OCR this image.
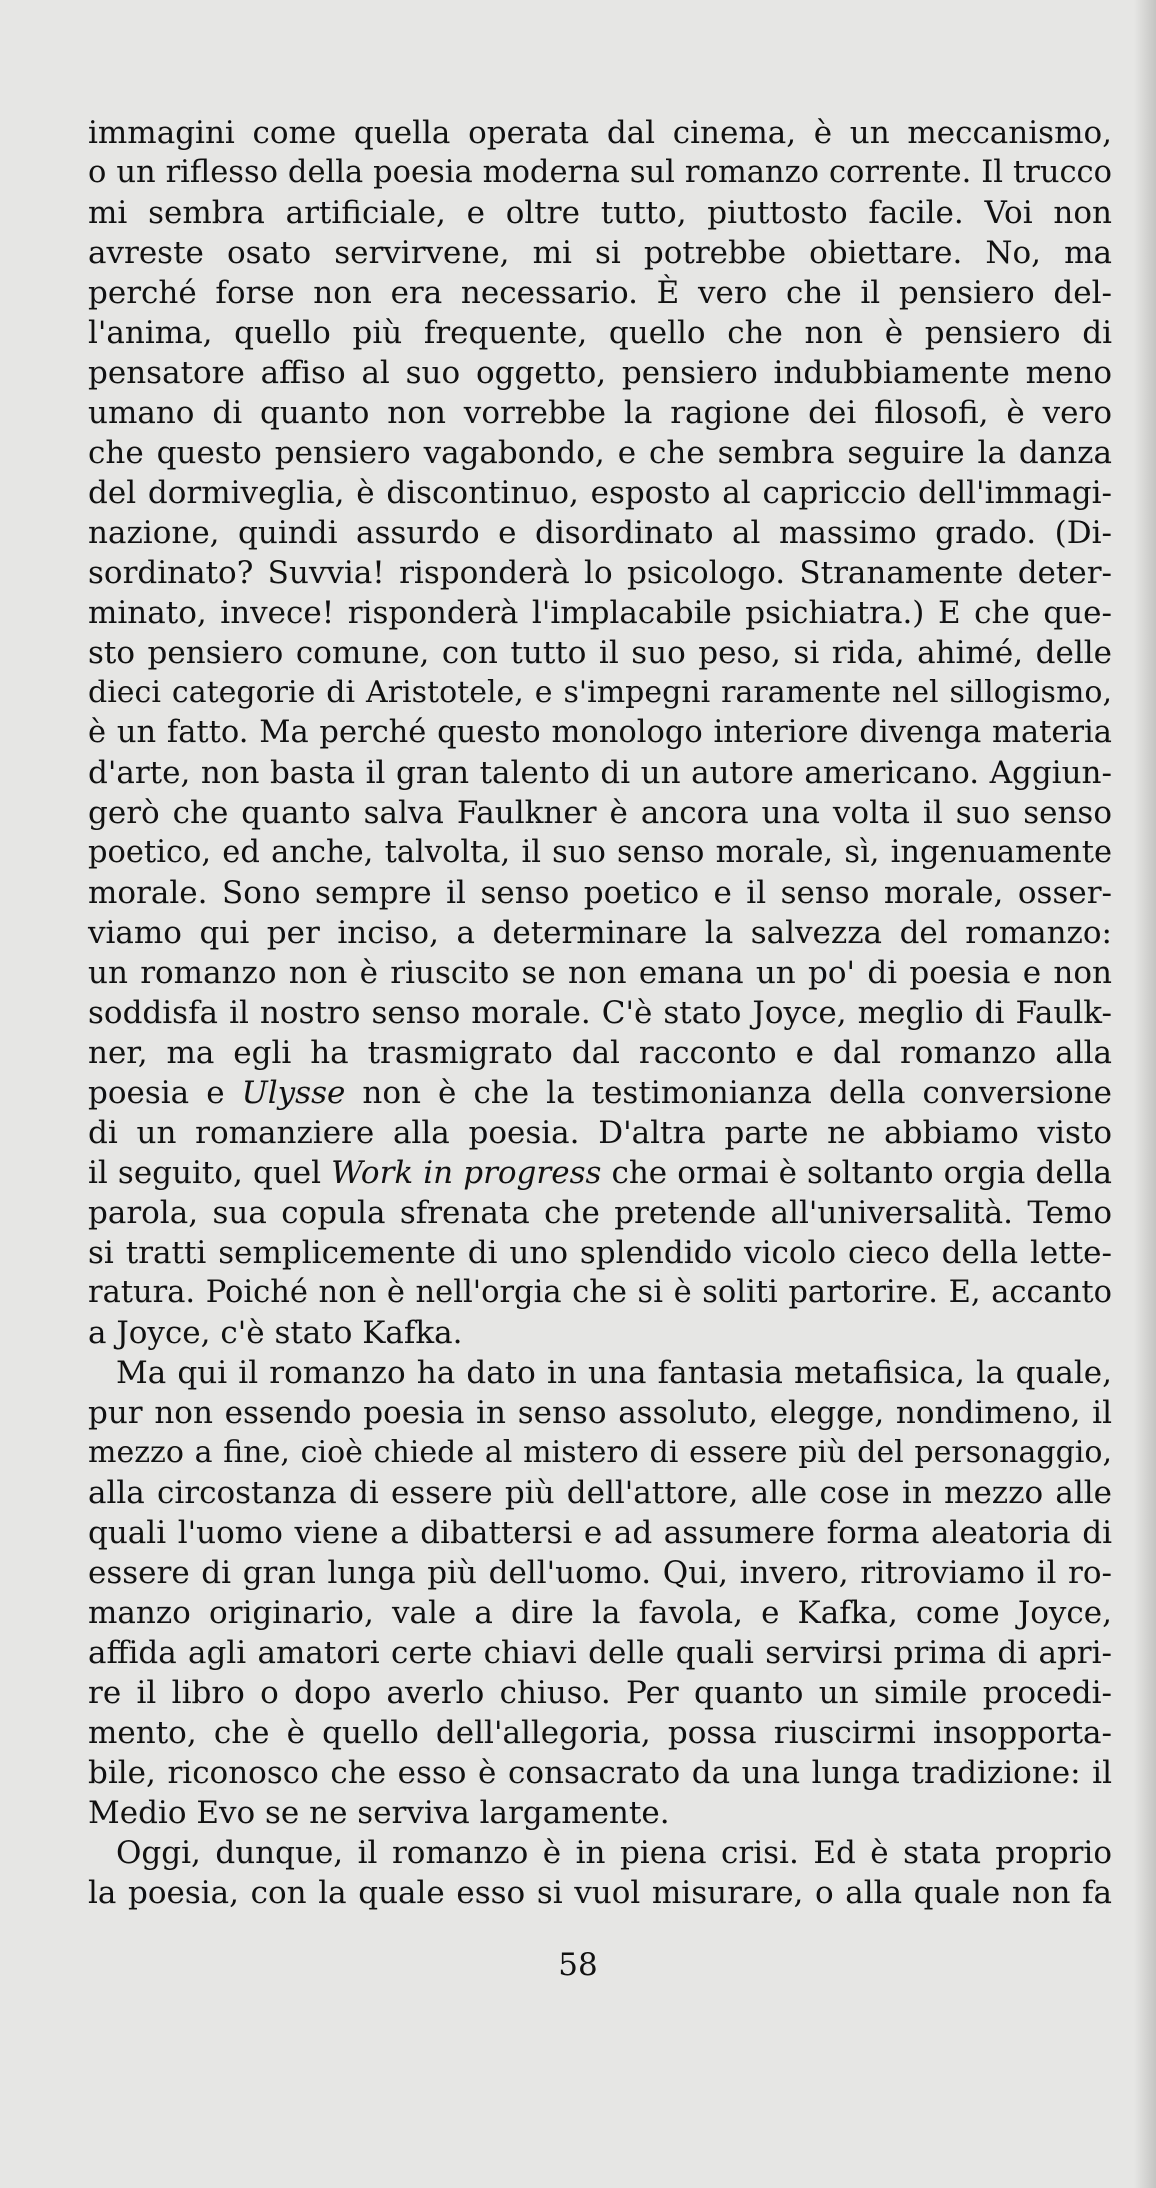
immagini come quella operata dal cinema, è un meccanismo,
o un riflesso della poesia moderna sul romanzo corrente. Il trucco
mi sembra artificiale, e oltre tutto, piuttosto facile. Voi non
avreste osato servirvene, mi si potrebbe obiettare. No, ma
perché forse non era necessario. È vero che il pensiero del-
l'anima, quello più frequente, quello che non è pensiero di
pensatore affiso al suo oggetto, pensiero indubbiamente meno
umano di quanto non vorrebbe la ragione dei filosofi, è vero
che questo pensiero vagabondo, e che sembra seguire la danza
del dormiveglia, è discontinuo, esposto al capriccio dell'immagi-
nazione, quindi assurdo e disordinato al massimo grado. (Di-
sordinato? Suvvia! risponderà lo psicologo. Stranamente deter-
minato, invece! risponderà l'implacabile psichiatra.) E che que-
sto pensiero comune, con tutto il suo peso, si rida, ahimé, delle
dieci categorie di Aristotele, e s'impegni raramente nel sillogismo,
è un fatto. Ma perché questo monologo interiore divenga materia
d'arte, non basta il gran talento di un autore americano. Aggiun-
gerò che quanto salva Faulkner è ancora una volta il suo senso
poetico, ed anche, talvolta, il suo senso morale, sì, ingenuamente
morale. Sono sempre il senso poetico e il senso morale, osser-
viamo qui per inciso, a determinare la salvezza del romanzo:
un romanzo non è riuscito se non emana un po' di poesia e non
soddisfa il nostro senso morale. C'è stato Joyce, meglio di Faulk-
ner, ma egli ha trasmigrato dal racconto e dal romanzo alla
poesia e Ulysse non è che la testimonianza della conversione
di un romanziere alla poesia. D'altra parte ne abbiamo visto
il seguito, quel Work in progress che ormai è soltanto orgia della
parola, sua copula sfrenata che pretende all'universalità. Temo
si tratti semplicemente di uno splendido vicolo cieco della lette-
ratura. Poiché non è nell'orgia che si è soliti partorire. E, accanto
a Joyce, c'è stato Kafka.
Ma qui il romanzo ha dato in una fantasia metafisica, la quale,
pur non essendo poesia in senso assoluto, elegge, nondimeno, il
mezzo a fine, cioè chiede al mistero di essere più del personaggio,
alla circostanza di essere più dell'attore, alle cose in mezzo alle
quali l'uomo viene a dibattersi e ad assumere forma aleatoria di
essere di gran lunga più dell'uomo. Qui, invero, ritroviamo il ro-
manzo originario, vale a dire la favola, e Kafka, come Joyce,
affida agli amatori certe chiavi delle quali servirsi prima di apri-
re il libro o dopo averlo chiuso. Per quanto un simile procedi-
mento, che è quello dell'allegoria, possa riuscirmi insopporta-
bile, riconosco che esso è consacrato da una lunga tradizione: il
Medio Evo se ne serviva largamente.
Oggi, dunque, il romanzo è in piena crisi. Ed è stata proprio
la poesia, con la quale esso si vuol misurare, o alla quale non fa
58
